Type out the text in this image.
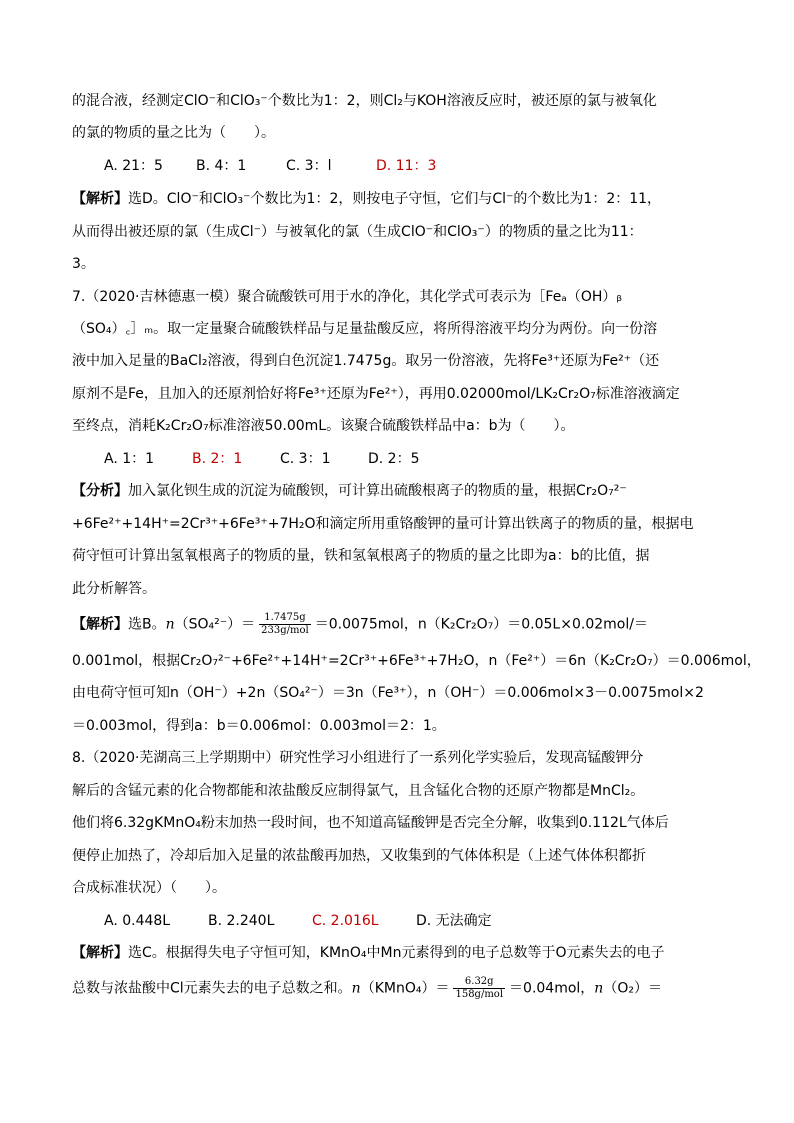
的混合液，经测定ClO⁻和ClO₃⁻个数比为1：2，则Cl₂与KOH溶液反应时，被还原的氯与被氧化
的氯的物质的量之比为（　　）。
A. 21：5 B. 4：1	C. 3：l	D. 11：3
【解析】选D。ClO⁻和ClO₃⁻个数比为1：2，则按电子守恒，它们与Cl⁻的个数比为1：2：11，
从而得出被还原的氯（生成Cl⁻）与被氧化的氯（生成ClO⁻和ClO₃⁻）的物质的量之比为11：
3。
7.（2020·吉林德惠一模）聚合硫酸铁可用于水的净化，其化学式可表示为［Feₐ（OH）ᵦ
（SO₄）꜀］ₘ。取一定量聚合硫酸铁样品与足量盐酸反应，将所得溶液平均分为两份。向一份溶
液中加入足量的BaCl₂溶液，得到白色沉淀1.7475g。取另一份溶液，先将Fe³⁺还原为Fe²⁺（还
原剂不是Fe，且加入的还原剂恰好将Fe³⁺还原为Fe²⁺），再用0.02000mol/LK₂Cr₂O₇标准溶液滴定
至终点，消耗K₂Cr₂O₇标准溶液50.00mL。该聚合硫酸铁样品中a：b为（　　）。
A. 1：1	B. 2：1	C. 3：1	D. 2：5
【分析】加入氯化钡生成的沉淀为硫酸钡，可计算出硫酸根离子的物质的量，根据Cr₂O₇²⁻
+6Fe²⁺+14H⁺=2Cr³⁺+6Fe³⁺+7H₂O和滴定所用重铬酸钾的量可计算出铁离子的物质的量，根据电
荷守恒可计算出氢氧根离子的物质的量，铁和氢氧根离子的物质的量之比即为a：b的比值，据
此分析解答。
【解析】选B。$n(SO_4^{2-})= \frac{1.7475g}{\text{233g/mol}} =0.0075mol$，n（K₂Cr₂O₇）＝0.05L×0.02mol/＝
0.001mol，根据Cr₂O₇²⁻+6Fe²⁺+14H⁺=2Cr³⁺+6Fe³⁺+7H₂O，n（Fe²⁺）＝6n（K₂Cr₂O₇）＝0.006mol，
由电荷守恒可知n（OH⁻）+2n（SO₄²⁻）＝3n（Fe³⁺），n（OH⁻）＝0.006mol×3－0.0075mol×2
＝0.003mol，得到a：b＝0.006mol：0.003mol＝2：1。
8.（2020·芜湖高三上学期期中）研究性学习小组进行了一系列化学实验后，发现高锰酸钾分
解后的含锰元素的化合物都能和浓盐酸反应制得氯气，且含锰化合物的还原产物都是MnCl₂。
他们将6.32gKMnO₄粉末加热一段时间，也不知道高锰酸钾是否完全分解，收集到0.112L气体后
便停止加热了，冷却后加入足量的浓盐酸再加热，又收集到的气体体积是（上述气体体积都折
合成标准状况）（　　）。
A. 0.448L	B. 2.240L	C. 2.016L	D. 无法确定
【解析】选C。根据得失电子守恒可知，KMnO₄中Mn元素得到的电子总数等于O元素失去的电子
总数与浓盐酸中Cl元素失去的电子总数之和。n（KMnO₄）＝ $\frac{6.32g}{\text{158g/mol}} =0.04mol$，n（O₂）＝
